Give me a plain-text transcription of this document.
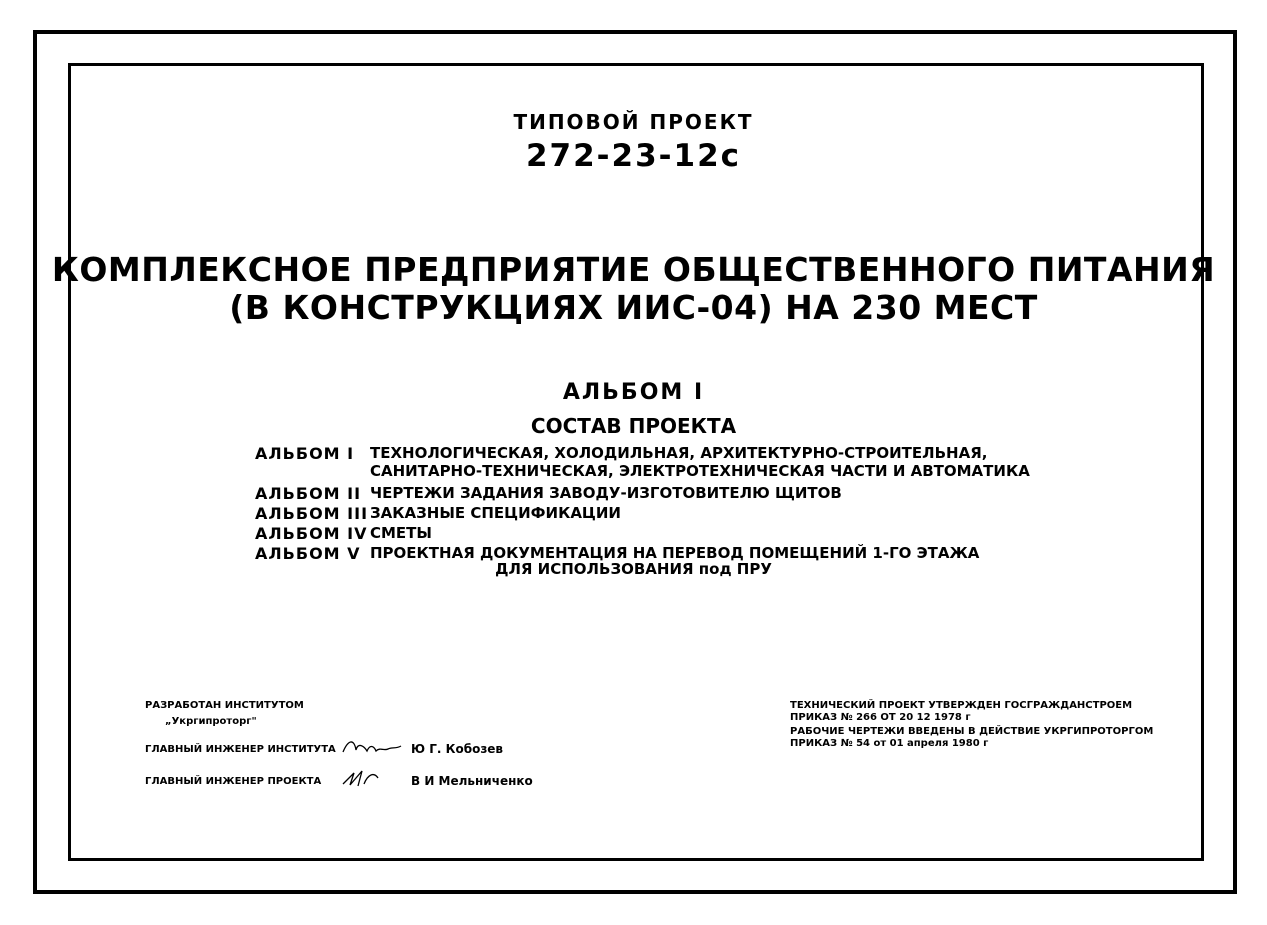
ТИПОВОЙ ПРОЕКТ
272-23-12с
КОМПЛЕКСНОЕ ПРЕДПРИЯТИЕ ОБЩЕСТВЕННОГО ПИТАНИЯ
(В КОНСТРУКЦИЯХ ИИС-04) НА 230 МЕСТ
АЛЬБОМ I
СОСТАВ ПРОЕКТА
АЛЬБОМ I ТЕХНОЛОГИЧЕСКАЯ, ХОЛОДИЛЬНАЯ, АРХИТЕКТУРНО-СТРОИТЕЛЬНАЯ,
САНИТАРНО-ТЕХНИЧЕСКАЯ, ЭЛЕКТРОТЕХНИЧЕСКАЯ ЧАСТИ И АВТОМАТИКА
АЛЬБОМ II ЧЕРТЕЖИ ЗАДАНИЯ ЗАВОДУ-ИЗГОТОВИТЕЛЮ ЩИТОВ
АЛЬБОМ III ЗАКАЗНЫЕ СПЕЦИФИКАЦИИ
АЛЬБОМ IV СМЕТЫ
АЛЬБОМ V ПРОЕКТНАЯ ДОКУМЕНТАЦИЯ НА ПЕРЕВОД ПОМЕЩЕНИЙ 1-ГО ЭТАЖА
ДЛЯ ИСПОЛЬЗОВАНИЯ под ПРУ
РАЗРАБОТАН ИНСТИТУТОМ
„Укргипроторг"
ГЛАВНЫЙ ИНЖЕНЕР ИНСТИТУТА	Ю Г. Кобозев
ГЛАВНЫЙ ИНЖЕНЕР ПРОЕКТА	В И Мельниченко
ТЕХНИЧЕСКИЙ ПРОЕКТ УТВЕРЖДЕН ГОСГРАЖДАНСТРОЕМ
ПРИКАЗ № 266 ОТ 20 12 1978 г
РАБОЧИЕ ЧЕРТЕЖИ ВВЕДЕНЫ В ДЕЙСТВИЕ УКРГИПРОТОРГОМ
ПРИКАЗ № 54 от 01 апреля 1980 г
